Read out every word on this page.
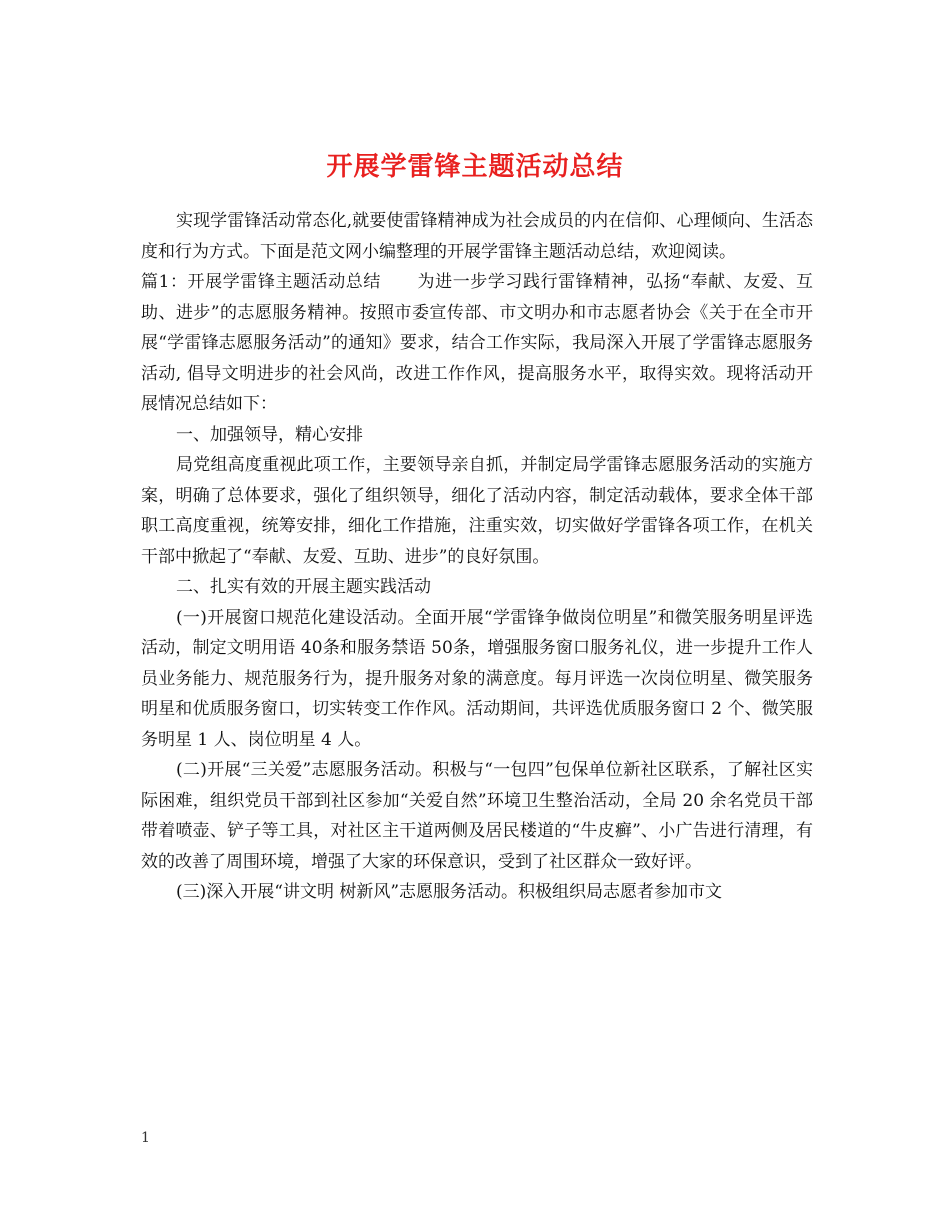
开展学雷锋主题活动总结

实现学雷锋活动常态化,就要使雷锋精神成为社会成员的内在信仰、心理倾向、生活态度和行为方式。下面是范文网小编整理的开展学雷锋主题活动总结，欢迎阅读。

篇1：开展学雷锋主题活动总结 为进一步学习践行雷锋精神，弘扬“奉献、友爱、互助、进步”的志愿服务精神。按照市委宣传部、市文明办和市志愿者协会《关于在全市开展“学雷锋志愿服务活动”的通知》要求，结合工作实际，我局深入开展了学雷锋志愿服务活动, 倡导文明进步的社会风尚，改进工作作风，提高服务水平，取得实效。现将活动开展情况总结如下：

一、加强领导，精心安排

局党组高度重视此项工作，主要领导亲自抓，并制定局学雷锋志愿服务活动的实施方案，明确了总体要求，强化了组织领导，细化了活动内容，制定活动载体，要求全体干部职工高度重视，统筹安排，细化工作措施，注重实效，切实做好学雷锋各项工作，在机关干部中掀起了“奉献、友爱、互助、进步”的良好氛围。

二、扎实有效的开展主题实践活动

(一)开展窗口规范化建设活动。全面开展“学雷锋争做岗位明星”和微笑服务明星评选活动，制定文明用语 40条和服务禁语 50条，增强服务窗口服务礼仪，进一步提升工作人员业务能力、规范服务行为，提升服务对象的满意度。每月评选一次岗位明星、微笑服务明星和优质服务窗口，切实转变工作作风。活动期间，共评选优质服务窗口 2 个、微笑服务明星 1 人、岗位明星 4 人。

(二)开展“三关爱”志愿服务活动。积极与“一包四”包保单位新社区联系，了解社区实际困难，组织党员干部到社区参加“关爱自然”环境卫生整治活动，全局 20 余名党员干部带着喷壶、铲子等工具，对社区主干道两侧及居民楼道的“牛皮癣”、小广告进行清理，有效的改善了周围环境，增强了大家的环保意识，受到了社区群众一致好评。

(三)深入开展“讲文明 树新风”志愿服务活动。积极组织局志愿者参加市文

1
